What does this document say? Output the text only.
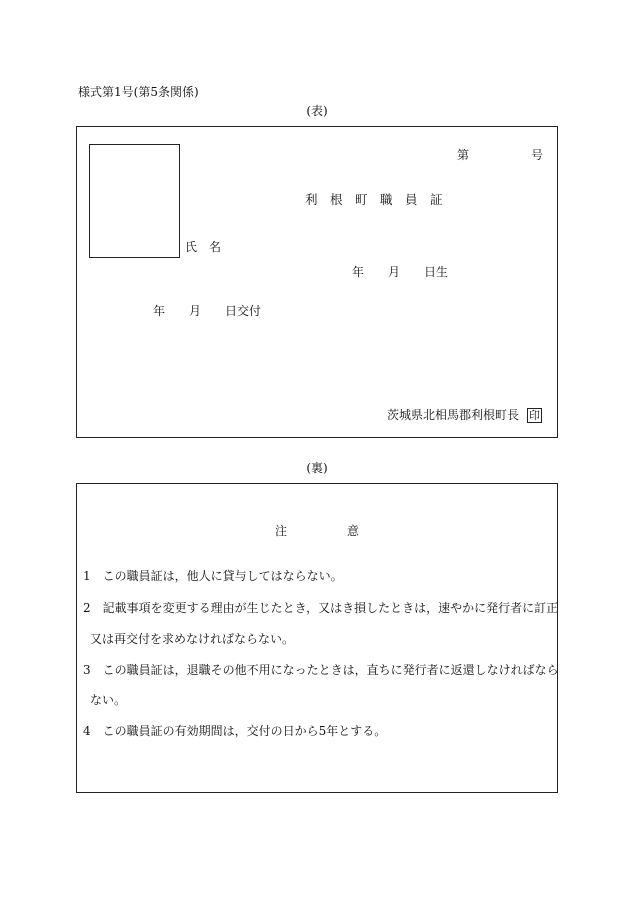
様式第1号(第5条関係)
(表)
第	号
利　根　町　職　員　証
氏　名
年　　月　　日生
年　　月　　日交付
茨城県北相馬郡利根町長 印
(裏)
注　　　　　意
1　この職員証は，他人に貸与してはならない。
2　記載事項を変更する理由が生じたとき，又はき損したときは，速やかに発行者に訂正
又は再交付を求めなければならない。
3　この職員証は，退職その他不用になったときは，直ちに発行者に返還しなければなら
ない。
4　この職員証の有効期間は，交付の日から5年とする。
